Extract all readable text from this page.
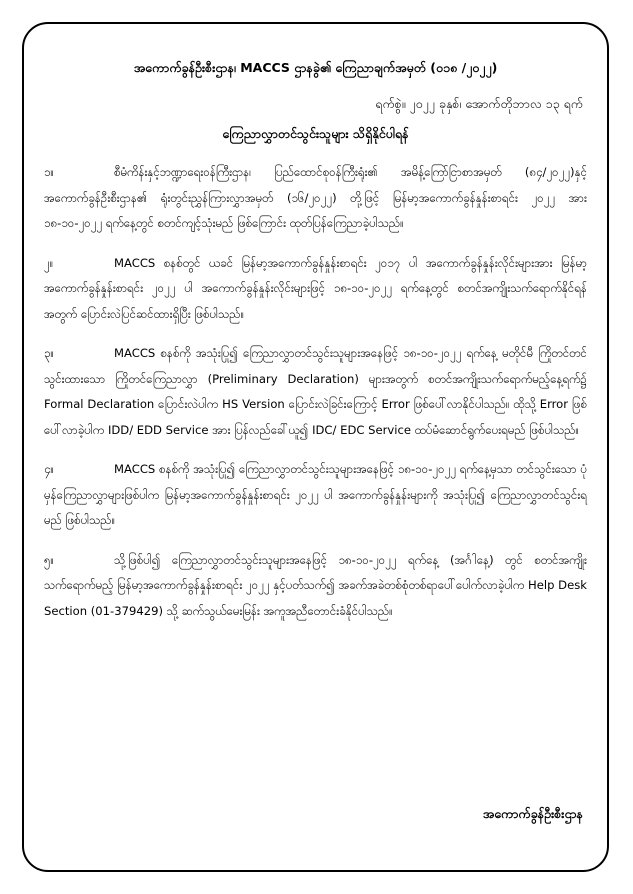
အကောက်ခွန်ဦးစီးဌာန၊ MACCS ဌာနခွဲ၏ ကြေညာချက်အမှတ် (၀၁၈ /၂၀၂၂)
ရက်စွဲ။ ၂၀၂၂ ခုနှစ်၊ အောက်တိုဘာလ ၁၃ ရက်
ကြေညာလွှာတင်သွင်းသူများ သိရှိနိုင်ပါရန်

၁။	စီမံကိန်းနှင့်ဘဏ္ဍာရေးဝန်ကြီးဌာန၊ ပြည်ထောင်စုဝန်ကြီးရုံး၏ အမိန့်ကြော်ငြာစာအမှတ် (၈၄/၂၀၂၂)နှင့် အကောက်ခွန်ဦးစီးဌာန၏ ရုံးတွင်းညွှန်ကြားလွှာအမှတ် (၁၆/၂၀၂၂) တို့ဖြင့် မြန်မာ့အကောက်ခွန်နှုန်းစာရင်း ၂၀၂၂ အား ၁၈-၁၀-၂၀၂၂ ရက်နေ့တွင် စတင်ကျင့်သုံးမည် ဖြစ်ကြောင်း ထုတ်ပြန်ကြေညာခဲ့ပါသည်။

၂။	MACCS စနစ်တွင် ယခင် မြန်မာ့အကောက်ခွန်နှုန်းစာရင်း ၂၀၁၇ ပါ အကောက်ခွန်နှုန်းလိုင်းများအား မြန်မာ့အကောက်ခွန်နှုန်းစာရင်း ၂၀၂၂ ပါ အကောက်ခွန်နှုန်းလိုင်းများဖြင့် ၁၈-၁၀-၂၀၂၂ ရက်နေ့တွင် စတင်အကျိုးသက်ရောက်နိုင်ရန်အတွက် ပြောင်းလဲပြင်ဆင်ထားရှိပြီး ဖြစ်ပါသည်။

၃။	MACCS စနစ်ကို အသုံးပြု၍ ကြေညာလွှာတင်သွင်းသူများအနေဖြင့် ၁၈-၁၀-၂၀၂၂ ရက်နေ့ မတိုင်မီ ကြိုတင်တင်သွင်းထားသော ကြိုတင်ကြေညာလွှာ (Preliminary Declaration) များအတွက် စတင်အကျိုးသက်ရောက်မည့်နေ့ရက်၌ Formal Declaration ပြောင်းလဲပါက HS Version ပြောင်းလဲခြင်းကြောင့် Error ဖြစ်ပေါ်လာနိုင်ပါသည်။ ထိုသို့ Error ဖြစ်ပေါ်လာခဲ့ပါက IDD/ EDD Service အား ပြန်လည်ခေါ်ယူ၍ IDC/ EDC Service ထပ်မံဆောင်ရွက်ပေးရမည် ဖြစ်ပါသည်။

၄။	MACCS စနစ်ကို အသုံးပြု၍ ကြေညာလွှာတင်သွင်းသူများအနေဖြင့် ၁၈-၁၀-၂၀၂၂ ရက်နေ့မှသာ တင်သွင်းသော ပုံမှန်ကြေညာလွှာများဖြစ်ပါက မြန်မာ့အကောက်ခွန်နှုန်းစာရင်း ၂၀၂၂ ပါ အကောက်ခွန်နှုန်းများကို အသုံးပြု၍ ကြေညာလွှာတင်သွင်းရမည် ဖြစ်ပါသည်။

၅။	သို့ဖြစ်ပါ၍ ကြေညာလွှာတင်သွင်းသူများအနေဖြင့် ၁၈-၁၀-၂၀၂၂ ရက်နေ့ (အင်္ဂါနေ့) တွင် စတင်အကျိုးသက်ရောက်မည့် မြန်မာ့အကောက်ခွန်နှုန်းစာရင်း ၂၀၂၂ နှင့်ပတ်သက်၍ အခက်အခဲတစ်စုံတစ်ရာပေါ်ပေါက်လာခဲ့ပါက Help Desk Section (01-379429) သို့ ဆက်သွယ်မေးမြန်း အကူအညီတောင်းခံနိုင်ပါသည်။

အကောက်ခွန်ဦးစီးဌာန
